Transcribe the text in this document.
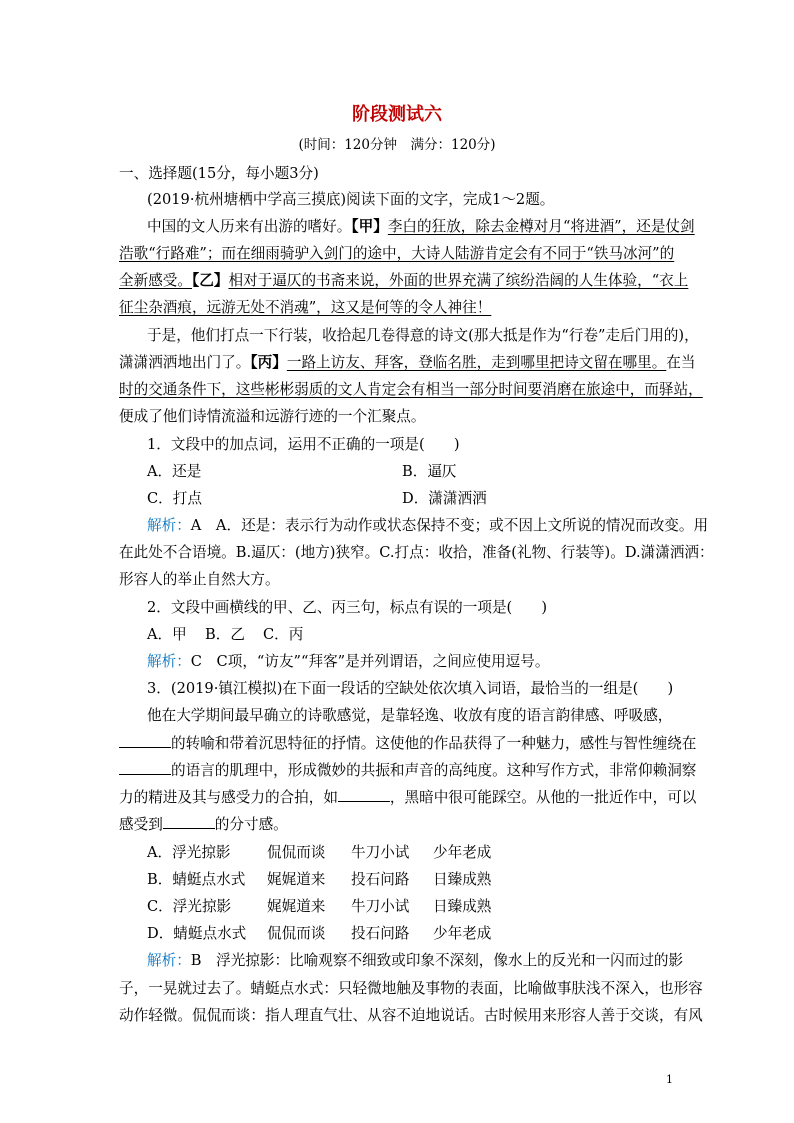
阶段测试六
(时间：120分钟　满分：120分)
一、选择题(15分，每小题3分)
(2019·杭州塘栖中学高三摸底)阅读下面的文字，完成1～2题。
中国的文人历来有出游的嗜好。【甲】李白的狂放，除去金樽对月“将进酒”，还是仗剑
浩歌“行路难”；而在细雨骑驴入剑门的途中，大诗人陆游肯定会有不同于“铁马冰河”的
全新感受。【乙】相对于逼仄的书斋来说，外面的世界充满了缤纷浩阔的人生体验，“衣上
征尘杂酒痕，远游无处不消魂”，这又是何等的令人神往！
于是，他们打点一下行装，收拾起几卷得意的诗文(那大抵是作为“行卷”走后门用的)，
潇潇洒洒地出门了。【丙】一路上访友、拜客，登临名胜，走到哪里把诗文留在哪里。在当
时的交通条件下，这些彬彬弱质的文人肯定会有相当一部分时间要消磨在旅途中，而驿站，
便成了他们诗情流溢和远游行迹的一个汇聚点。
1．文段中的加点词，运用不正确的一项是(　　)
A．还是	B．逼仄
C．打点	D．潇潇洒洒
解析：A　A．还是：表示行为动作或状态保持不变；或不因上文所说的情况而改变。用
在此处不合语境。B.逼仄：(地方)狭窄。C.打点：收拾，准备(礼物、行装等)。D.潇潇洒洒：
形容人的举止自然大方。
2．文段中画横线的甲、乙、丙三句，标点有误的一项是(　　)
A．甲 B．乙 C．丙
解析：C　C项，“访友”“拜客”是并列谓语，之间应使用逗号。
3．(2019·镇江模拟)在下面一段话的空缺处依次填入词语，最恰当的一组是(　　)
他在大学期间最早确立的诗歌感觉，是靠轻逸、收放有度的语言韵律感、呼吸感，
的转喻和带着沉思特征的抒情。这使他的作品获得了一种魅力，感性与智性缠绕在
的语言的肌理中，形成微妙的共振和声音的高纯度。这种写作方式，非常仰赖洞察
力的精进及其与感受力的合拍，如	，黑暗中很可能踩空。从他的一批近作中，可以
感受到	的分寸感。
A．浮光掠影 侃侃而谈 牛刀小试 少年老成
B．蜻蜓点水式 娓娓道来 投石问路 日臻成熟
C．浮光掠影 娓娓道来 牛刀小试 日臻成熟
D．蜻蜓点水式 侃侃而谈 投石问路 少年老成
解析：B　浮光掠影：比喻观察不细致或印象不深刻，像水上的反光和一闪而过的影
子，一晃就过去了。蜻蜓点水式：只轻微地触及事物的表面，比喻做事肤浅不深入，也形容
动作轻微。侃侃而谈：指人理直气壮、从容不迫地说话。古时候用来形容人善于交谈，有风
1
